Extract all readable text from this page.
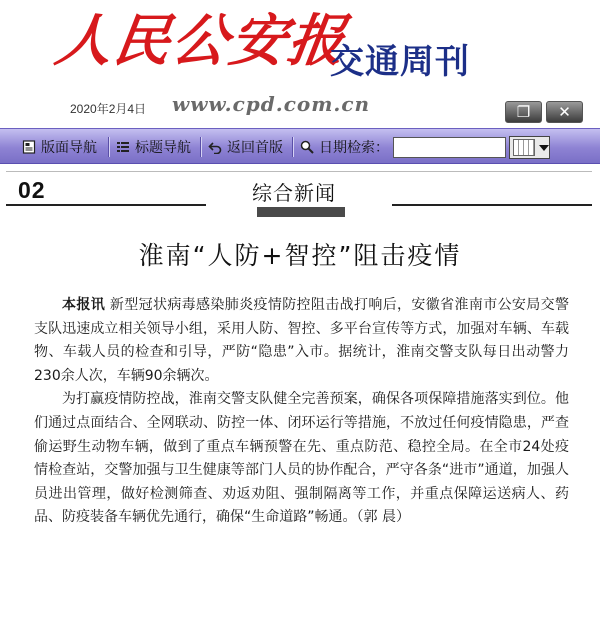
人民公安报
交通周刊
2020年2月4日 www.cpd.com.cn	❐ ✕
版面导航	标题导航	返回首版	日期检索：
02	综合新闻
淮南“人防+智控”阻击疫情

本报讯 新型冠状病毒感染肺炎疫情防控阻击战打响后，安徽省淮南市公安局交警支队迅速成立相关领导小组，采用人防、智控、多平台宣传等方式，加强对车辆、车载物、车载人员的检查和引导，严防“隐患”入市。据统计，淮南交警支队每日出动警力230余人次，车辆90余辆次。

为打赢疫情防控战，淮南交警支队健全完善预案，确保各项保障措施落实到位。他们通过点面结合、全网联动、防控一体、闭环运行等措施，不放过任何疫情隐患，严查偷运野生动物车辆，做到了重点车辆预警在先、重点防范、稳控全局。在全市24处疫情检查站，交警加强与卫生健康等部门人员的协作配合，严守各条“进市”通道，加强人员进出管理，做好检测筛查、劝返劝阻、强制隔离等工作，并重点保障运送病人、药品、防疫装备车辆优先通行，确保“生命道路”畅通。（郭 晨）
